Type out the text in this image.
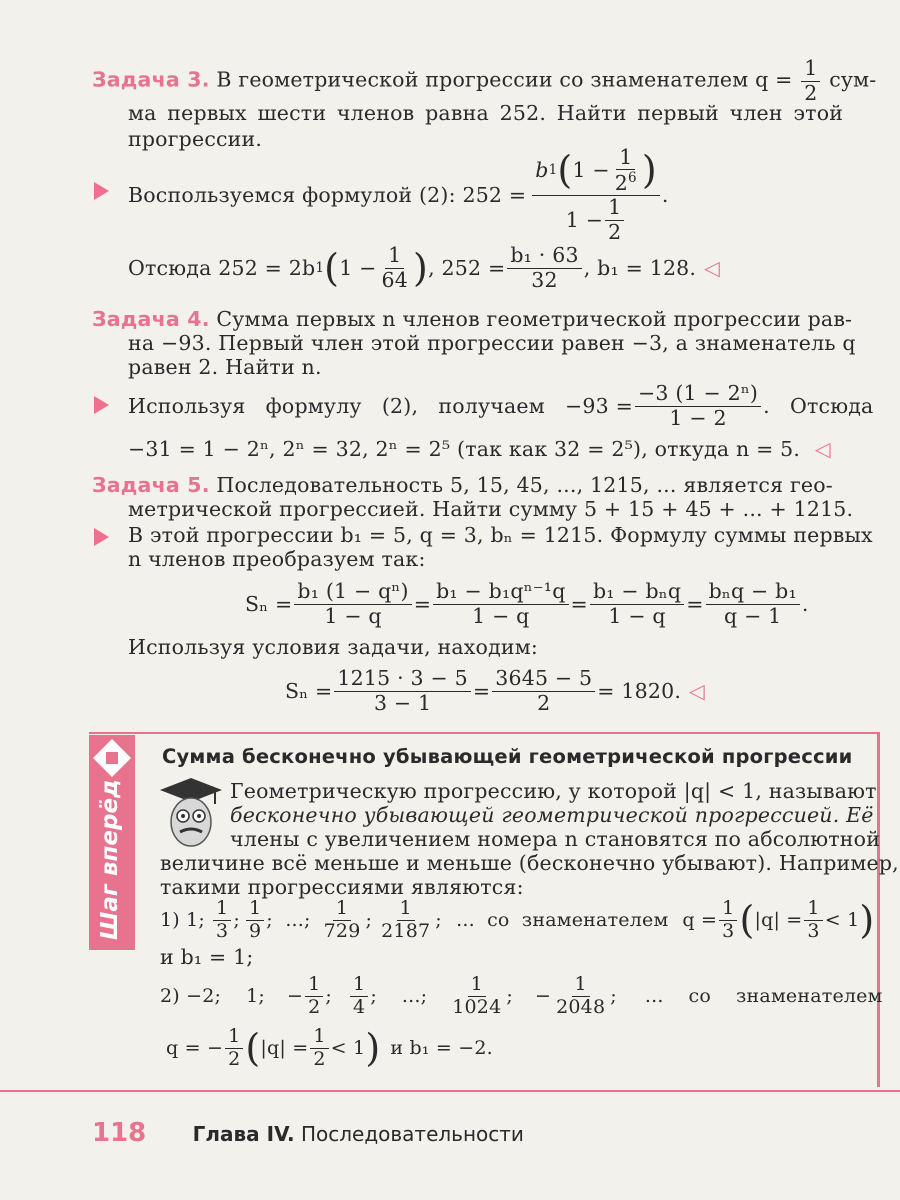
Задача 3. В геометрической прогрессии со знаменателем $q = \frac{1}{2} сум-$
ма первых шести членов равна 252. Найти первый член этой
прогрессии.
Воспользуемся формулой (2): $252 = \frac{b 1 ( 1 - \frac{1}{2^6} )}{1 - \frac{1}{2}}$ .
Отсюда 252 = 2b 1 ( $1 - \frac{1}{64}$ ) , $252 = \frac{\text{b₁ · 63}}{32}$ , b₁ = 128. ◁
Задача 4. Сумма первых n членов геометрической прогрессии рав-
на −93. Первый член этой прогрессии равен −3, а знаменатель q
равен 2. Найти n.
Используя   формулу   (2),   получаем   $-93 = \frac{\text{−3 (1 − 2ⁿ)}}{1 - 2}$ .   Отсюда
−31 = 1 − 2ⁿ, 2ⁿ = 32, 2ⁿ = 2⁵ (так как 32 = 2⁵), откуда n = 5. ◁
Задача 5. Последовательность 5, 15, 45, ..., 1215, ... является гео-
метрической прогрессией. Найти сумму 5 + 15 + 45 + ... + 1215.
В этой прогрессии b₁ = 5, q = 3, bₙ = 1215. Формулу суммы первых
n членов преобразуем так:
$S_n = \frac{\text{b₁ (1 − qⁿ)}}{1 - q} = \frac{\text{b₁ − b₁qⁿ⁻¹q}}{1 - q} = \frac{\text{b₁ − bₙq}}{1 - q} = \frac{\text{bₙq − b₁}}{q - 1}$ .
Используя условия задачи, находим:
$S_n = \frac{1215 \cdot 3 - 5}{3 - 1} = \frac{3645 - 5}{2} = 1820$. ◁
Шаг вперёд
Сумма бесконечно убывающей геометрической прогрессии
Геометрическую прогрессию, у которой |q| < 1, называют
бесконечно убывающей геометрической прогрессией. Её
члены с увеличением номера n становятся по абсолютной
величине всё меньше и меньше (бесконечно убывают). Например,
такими прогрессиями являются:
1) 1; $\frac{1}{3}$ ; $\frac{1}{9}$ ;  ...; $\frac{1}{729}$ ; $\frac{1}{2187}$ ; ... со знаменателем $q = \frac{1}{3}$ ( $|q| = \frac{1}{3} < 1$ )
и b₁ = 1;
2) −2;    1; − $\frac{1}{2}$ ; $\frac{1}{4}$ ;    ...; $\frac{1}{1024}$ ; − $\frac{1}{2048}$ ; ...    со    знаменателем
q = − $\frac{1}{2}$ ( $|q| = \frac{1}{2} < 1$ ) и b₁ = −2.
118 Глава IV. Последовательности
